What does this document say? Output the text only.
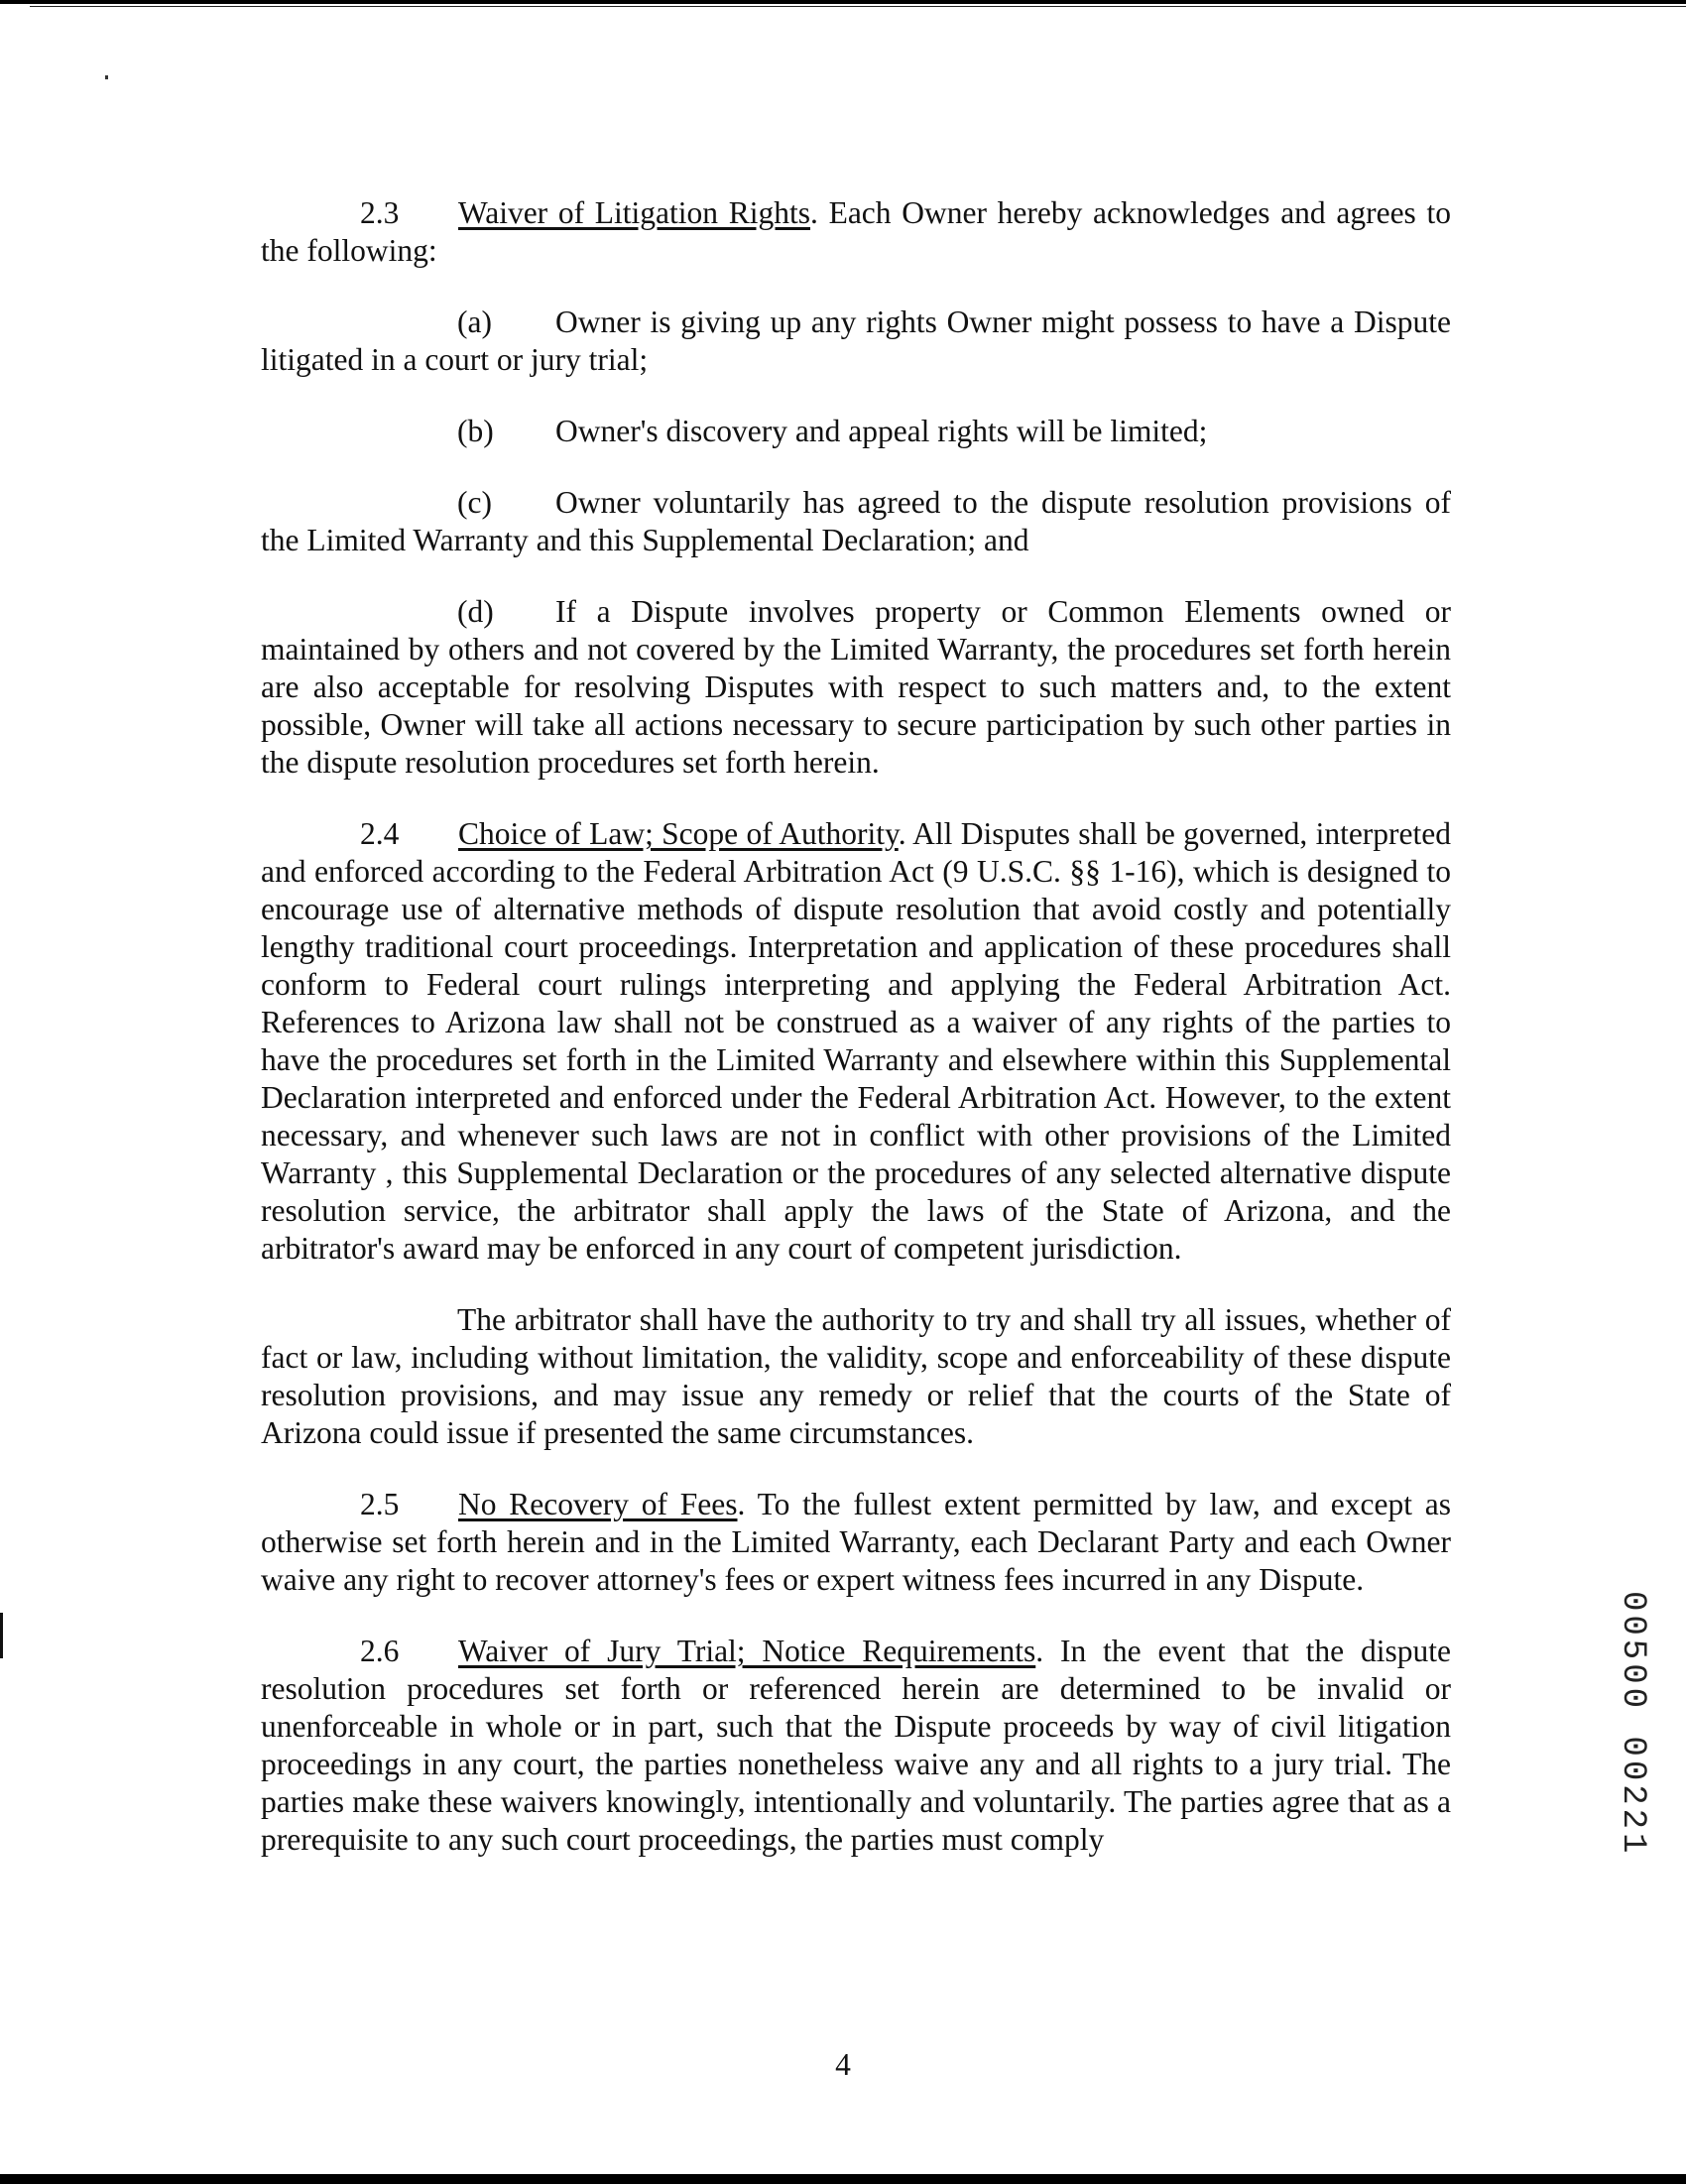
2.3 Waiver of Litigation Rights. Each Owner hereby acknowledges and agrees to the following:

(a) Owner is giving up any rights Owner might possess to have a Dispute litigated in a court or jury trial;

(b) Owner's discovery and appeal rights will be limited;

(c) Owner voluntarily has agreed to the dispute resolution provisions of the Limited Warranty and this Supplemental Declaration; and

(d) If a Dispute involves property or Common Elements owned or maintained by others and not covered by the Limited Warranty, the procedures set forth herein are also acceptable for resolving Disputes with respect to such matters and, to the extent possible, Owner will take all actions necessary to secure participation by such other parties in the dispute resolution procedures set forth herein.

2.4 Choice of Law; Scope of Authority. All Disputes shall be governed, interpreted and enforced according to the Federal Arbitration Act (9 U.S.C. §§ 1-16), which is designed to encourage use of alternative methods of dispute resolution that avoid costly and potentially lengthy traditional court proceedings. Interpretation and application of these procedures shall conform to Federal court rulings interpreting and applying the Federal Arbitration Act. References to Arizona law shall not be construed as a waiver of any rights of the parties to have the procedures set forth in the Limited Warranty and elsewhere within this Supplemental Declaration interpreted and enforced under the Federal Arbitration Act. However, to the extent necessary, and whenever such laws are not in conflict with other provisions of the Limited Warranty , this Supplemental Declaration or the procedures of any selected alternative dispute resolution service, the arbitrator shall apply the laws of the State of Arizona, and the arbitrator's award may be enforced in any court of competent jurisdiction.

The arbitrator shall have the authority to try and shall try all issues, whether of fact or law, including without limitation, the validity, scope and enforceability of these dispute resolution provisions, and may issue any remedy or relief that the courts of the State of Arizona could issue if presented the same circumstances.

2.5 No Recovery of Fees. To the fullest extent permitted by law, and except as otherwise set forth herein and in the Limited Warranty, each Declarant Party and each Owner waive any right to recover attorney's fees or expert witness fees incurred in any Dispute.

2.6 Waiver of Jury Trial; Notice Requirements. In the event that the dispute resolution procedures set forth or referenced herein are determined to be invalid or unenforceable in whole or in part, such that the Dispute proceeds by way of civil litigation proceedings in any court, the parties nonetheless waive any and all rights to a jury trial. The parties make these waivers knowingly, intentionally and voluntarily. The parties agree that as a prerequisite to any such court proceedings, the parties must comply	00500 00221
4
